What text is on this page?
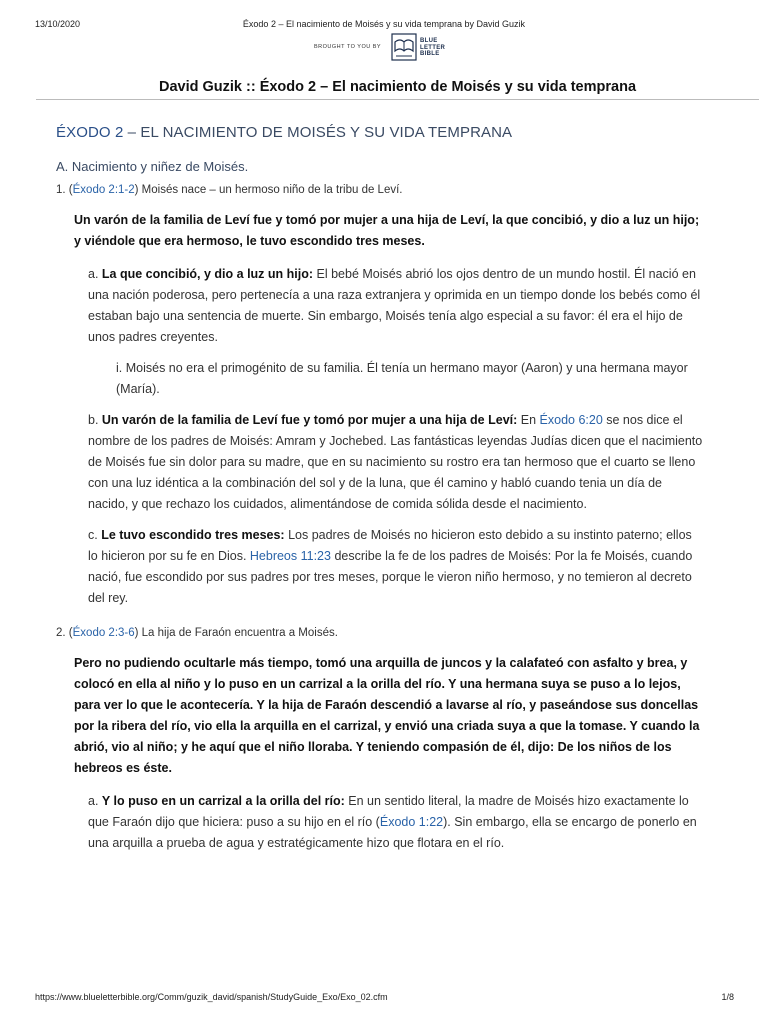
13/10/2020	Éxodo 2 – El nacimiento de Moisés y su vida temprana by David Guzik
BROUGHT TO YOU BY
BLUE
LETTER
BIBLE
David Guzik :: Éxodo 2 – El nacimiento de Moisés y su vida temprana
ÉXODO 2 – EL NACIMIENTO DE MOISÉS Y SU VIDA TEMPRANA
A. Nacimiento y niñez de Moisés.
1. (Éxodo 2:1-2) Moisés nace – un hermoso niño de la tribu de Leví.
Un varón de la familia de Leví fue y tomó por mujer a una hija de Leví, la que concibió, y dio a luz un hijo; y viéndole que era hermoso, le tuvo escondido tres meses.
a. La que concibió, y dio a luz un hijo: El bebé Moisés abrió los ojos dentro de un mundo hostil. Él nació en una nación poderosa, pero pertenecía a una raza extranjera y oprimida en un tiempo donde los bebés como él estaban bajo una sentencia de muerte. Sin embargo, Moisés tenía algo especial a su favor: él era el hijo de unos padres creyentes.
i. Moisés no era el primogénito de su familia. Él tenía un hermano mayor (Aaron) y una hermana mayor (María).
b. Un varón de la familia de Leví fue y tomó por mujer a una hija de Leví: En Éxodo 6:20 se nos dice el nombre de los padres de Moisés: Amram y Jochebed. Las fantásticas leyendas Judías dicen que el nacimiento de Moisés fue sin dolor para su madre, que en su nacimiento su rostro era tan hermoso que el cuarto se lleno con una luz idéntica a la combinación del sol y de la luna, que él camino y habló cuando tenia un día de nacido, y que rechazo los cuidados, alimentándose de comida sólida desde el nacimiento.
c. Le tuvo escondido tres meses: Los padres de Moisés no hicieron esto debido a su instinto paterno; ellos lo hicieron por su fe en Dios. Hebreos 11:23 describe la fe de los padres de Moisés: Por la fe Moisés, cuando nació, fue escondido por sus padres por tres meses, porque le vieron niño hermoso, y no temieron al decreto del rey.
2. (Éxodo 2:3-6) La hija de Faraón encuentra a Moisés.
Pero no pudiendo ocultarle más tiempo, tomó una arquilla de juncos y la calafateó con asfalto y brea, y colocó en ella al niño y lo puso en un carrizal a la orilla del río. Y una hermana suya se puso a lo lejos, para ver lo que le acontecería. Y la hija de Faraón descendió a lavarse al río, y paseándose sus doncellas por la ribera del río, vio ella la arquilla en el carrizal, y envió una criada suya a que la tomase. Y cuando la abrió, vio al niño; y he aquí que el niño lloraba. Y teniendo compasión de él, dijo: De los niños de los hebreos es éste.
a. Y lo puso en un carrizal a la orilla del río: En un sentido literal, la madre de Moisés hizo exactamente lo que Faraón dijo que hiciera: puso a su hijo en el río (Éxodo 1:22). Sin embargo, ella se encargo de ponerlo en una arquilla a prueba de agua y estratégicamente hizo que flotara en el río.
https://www.blueletterbible.org/Comm/guzik_david/spanish/StudyGuide_Exo/Exo_02.cfm	1/8
